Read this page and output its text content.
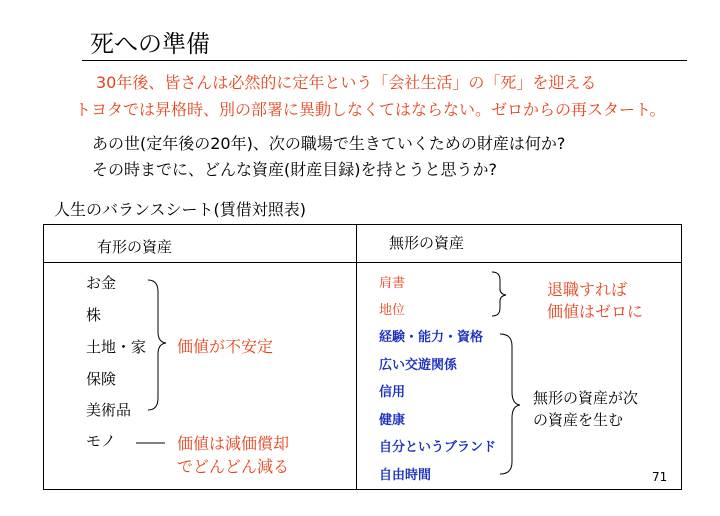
死への準備
30年後、皆さんは必然的に定年という「会社生活」の「死」を迎える
トヨタでは昇格時、別の部署に異動しなくてはならない。ゼロからの再スタート。
あの世(定年後の20年)、次の職場で生きていくための財産は何か?
その時までに、どんな資産(財産目録)を持とうと思うか?
人生のバランスシート(賃借対照表)
有形の資産	無形の資産
お金
株
土地・家
保険
美術品
モノ
価値が不安定
価値は減価償却
でどんどん減る
肩書
地位
退職すれば
価値はゼロに
経験・能力・資格
広い交遊関係
信用
健康
自分というブランド
自由時間
無形の資産が次
の資産を生む
71
